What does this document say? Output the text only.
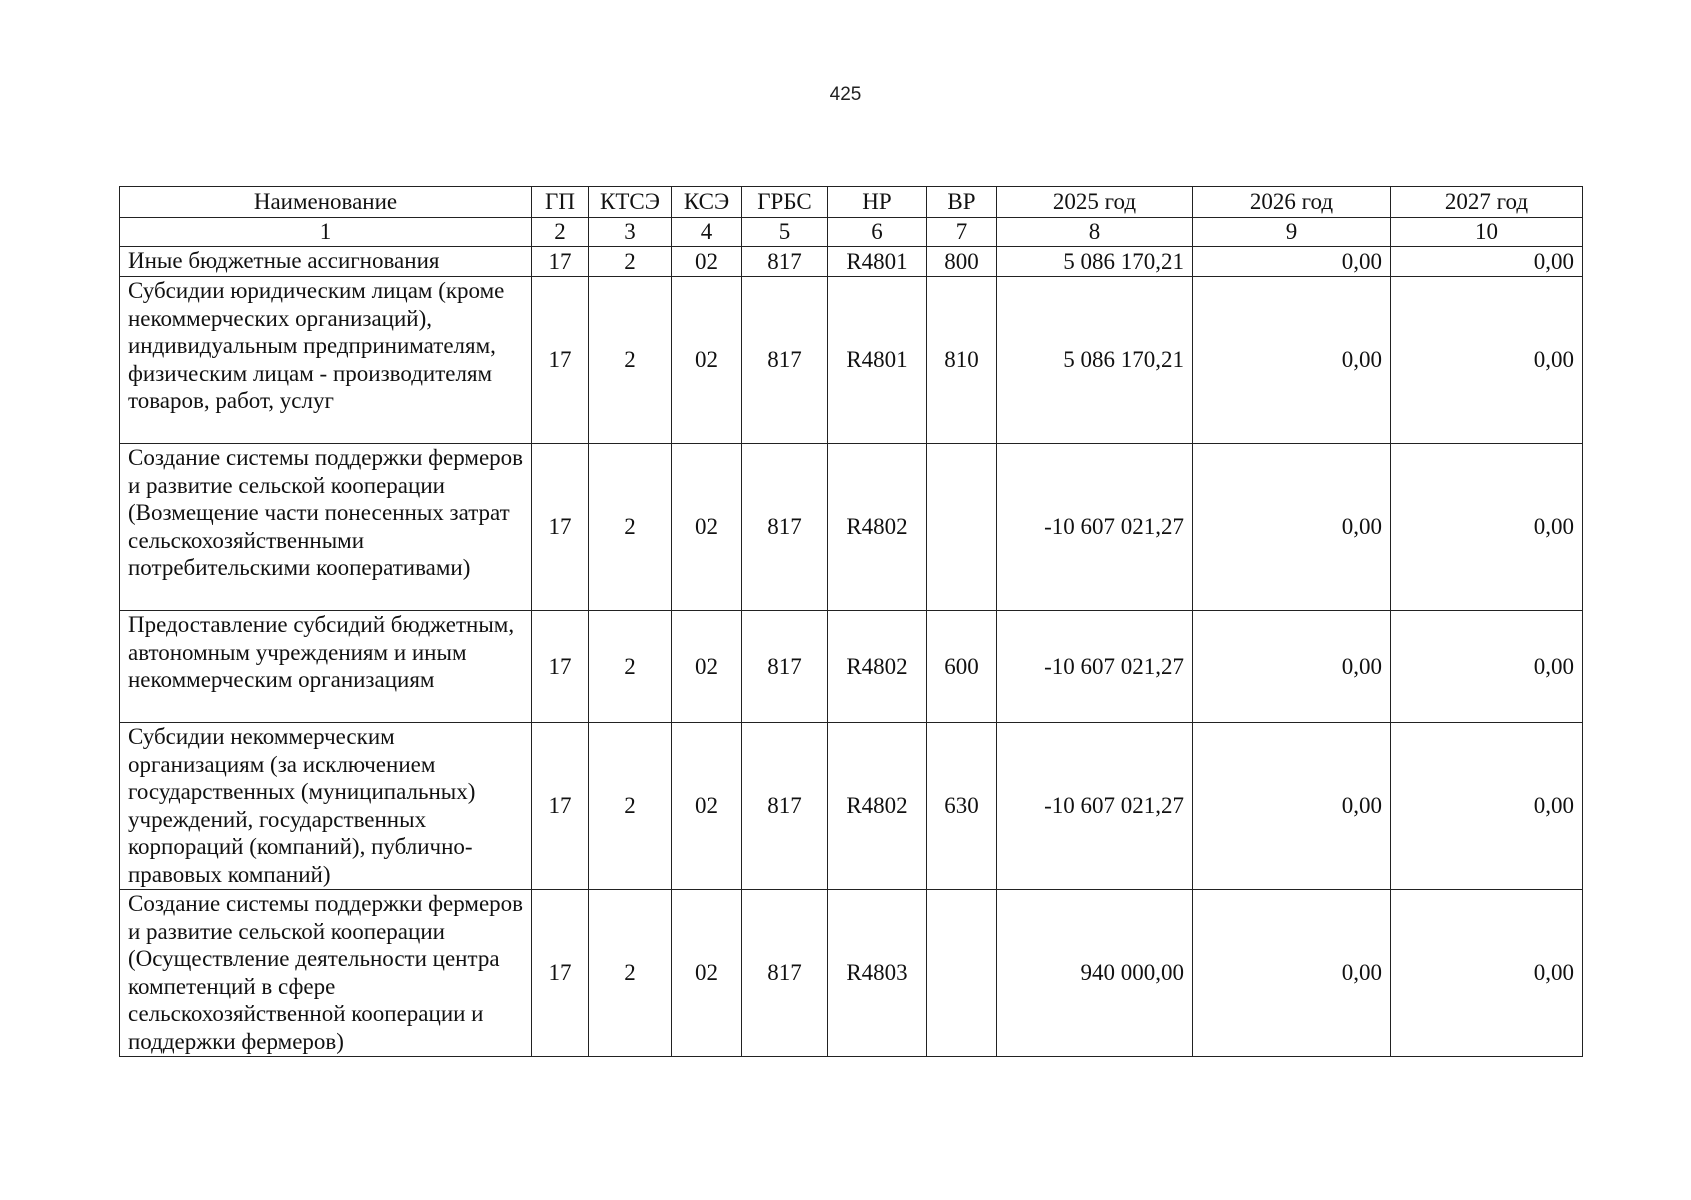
425
Наименование	ГП	КТСЭ	КСЭ	ГРБС	НР	ВР	2025 год	2026 год	2027 год
1	2	3	4	5	6	7	8	9	10
Иные бюджетные ассигнования	17	2	02	817	R4801	800	5 086 170,21	0,00	0,00
Субсидии юридическим лицам (кроме некоммерческих организаций), индивидуальным предпринимателям, физическим лицам - производителям товаров, работ, услуг	17	2	02	817	R4801	810	5 086 170,21	0,00	0,00
Создание системы поддержки фермеров и развитие сельской кооперации (Возмещение части понесенных затрат сельскохозяйственными потребительскими кооперативами)	17	2	02	817	R4802		-10 607 021,27	0,00	0,00
Предоставление субсидий бюджетным, автономным учреждениям и иным некоммерческим организациям	17	2	02	817	R4802	600	-10 607 021,27	0,00	0,00
Субсидии некоммерческим организациям (за исключением государственных (муниципальных) учреждений, государственных корпораций (компаний), публично-правовых компаний)	17	2	02	817	R4802	630	-10 607 021,27	0,00	0,00
Создание системы поддержки фермеров и развитие сельской кооперации (Осуществление деятельности центра компетенций в сфере сельскохозяйственной кооперации и поддержки фермеров)	17	2	02	817	R4803		940 000,00	0,00	0,00
